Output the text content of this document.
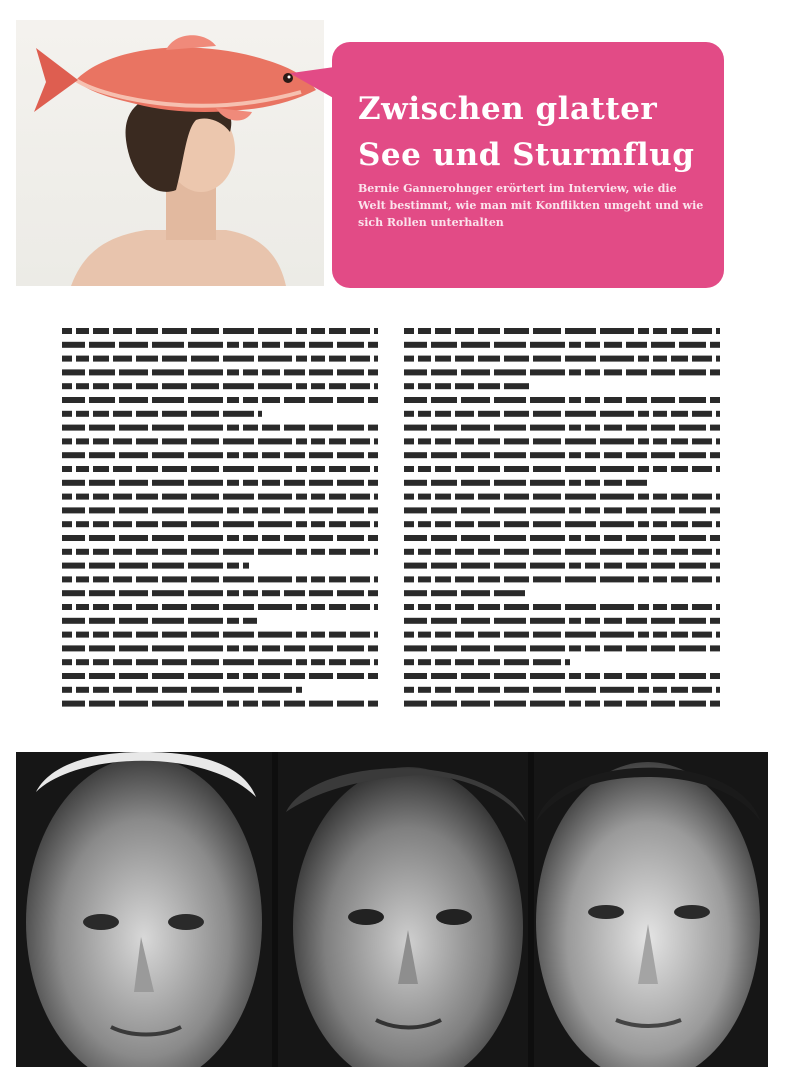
Zwischen glatter
See und Sturmflug

Bernie Gannerohnger erörtert im Interview, wie die Welt bestimmt, wie man mit Konflikten umgeht und wie sich Rollen unterhalten
